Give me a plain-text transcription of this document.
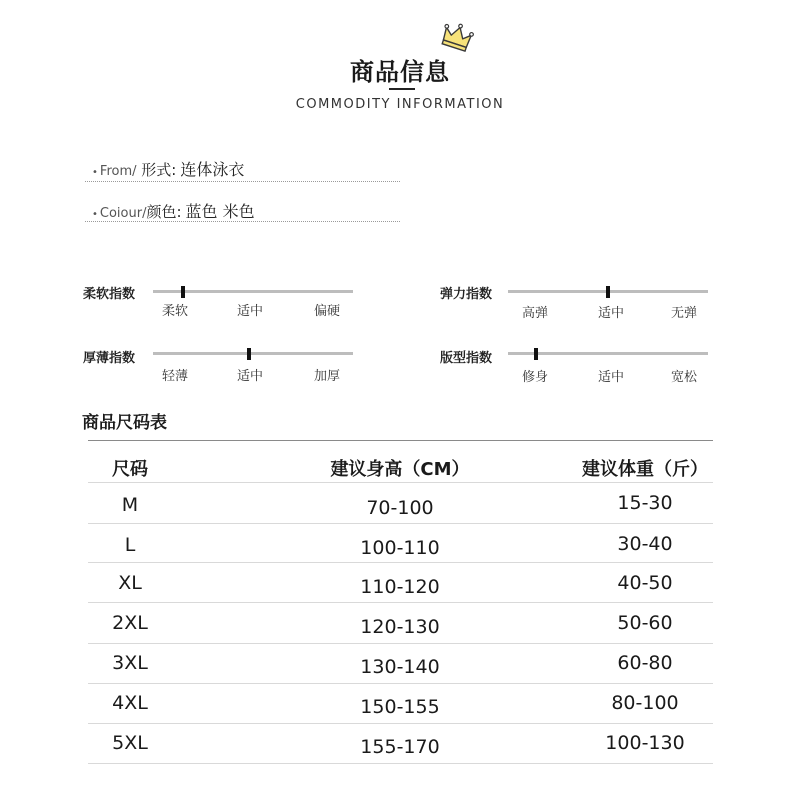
商品信息
COMMODITY INFORMATION
• From/ 形式: 连体泳衣
• Coiour/颜色: 蓝色 米色
柔软指数
柔软	适中	偏硬
弹力指数
高弹	适中	无弹
厚薄指数
轻薄	适中	加厚
版型指数
修身	适中	宽松
商品尺码表
尺码	建议身高（CM）	建议体重（斤）
M	70-100	15-30
L	100-110	30-40
XL	110-120	40-50
2XL	120-130	50-60
3XL	130-140	60-80
4XL	150-155	80-100
5XL	155-170	100-130
